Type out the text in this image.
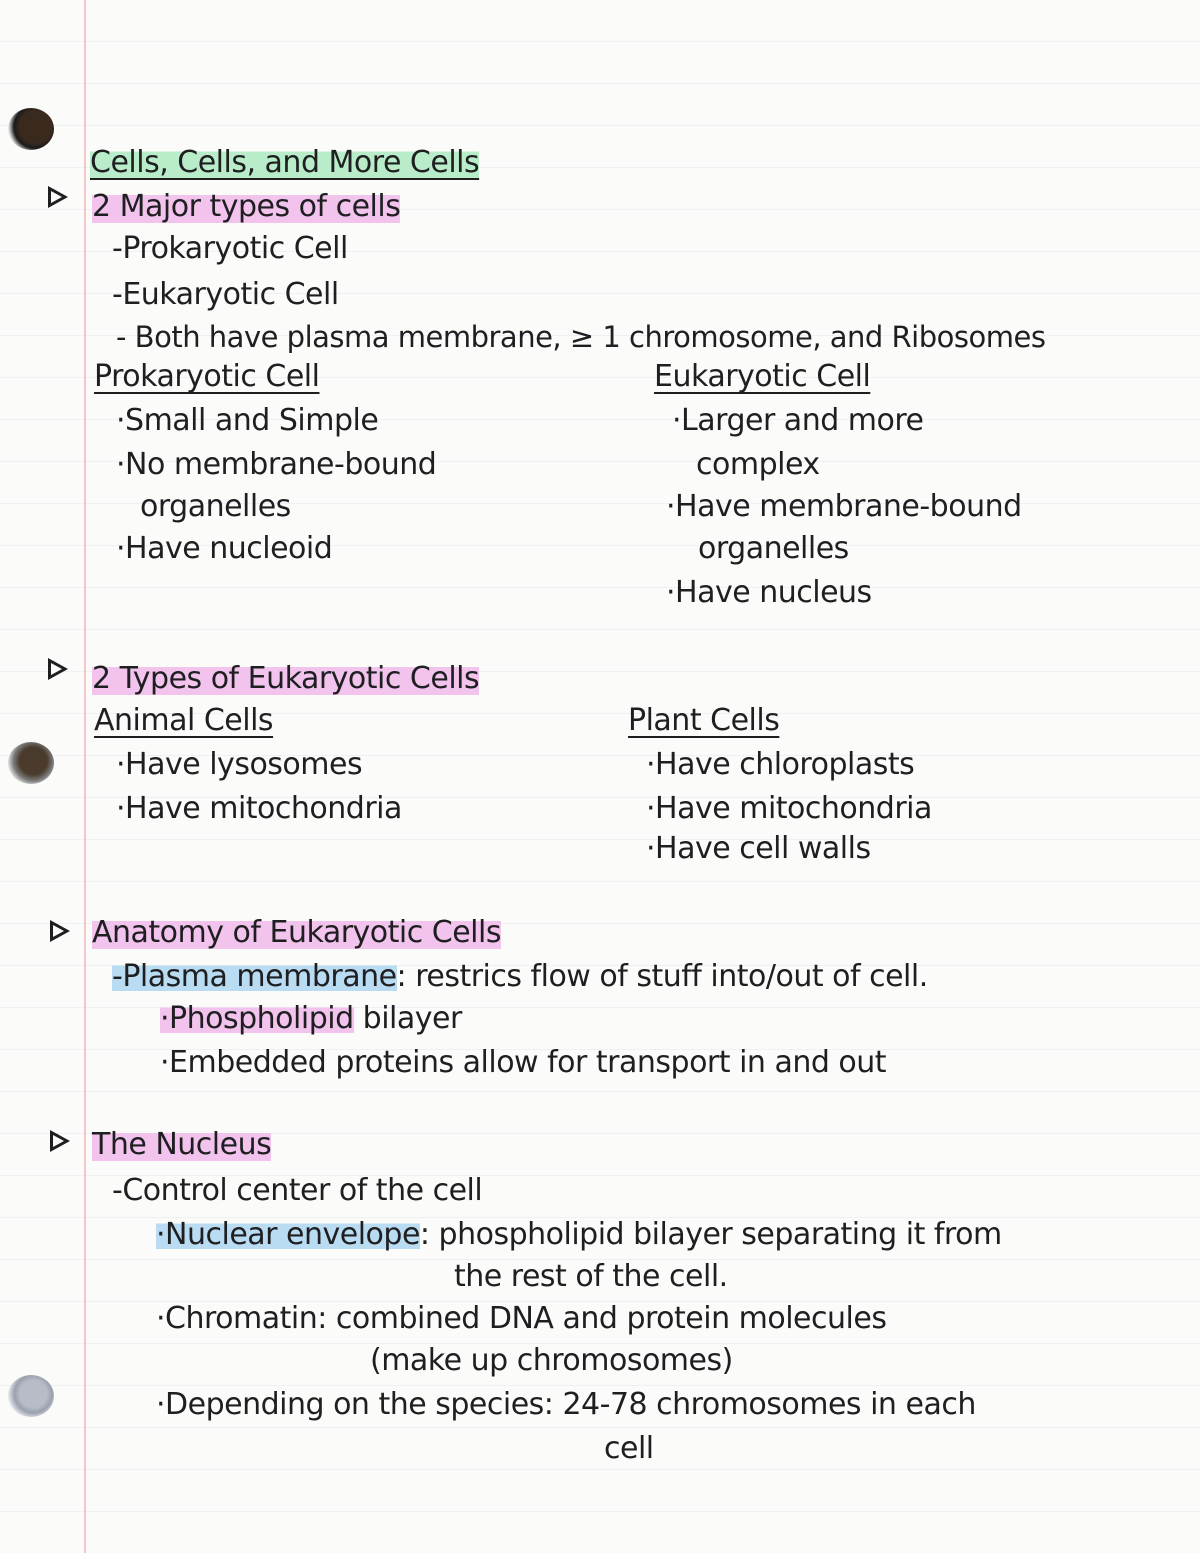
Cells, Cells, and More Cells
2 Major types of cells
-Prokaryotic Cell
-Eukaryotic Cell
- Both have plasma membrane, ≥ 1 chromosome, and Ribosomes
Prokaryotic Cell
·Small and Simple
·No membrane-bound
organelles
·Have nucleoid
Eukaryotic Cell
·Larger and more
complex
·Have membrane-bound
organelles
·Have nucleus
2 Types of Eukaryotic Cells
Animal Cells
·Have lysosomes
·Have mitochondria
Plant Cells
·Have chloroplasts
·Have mitochondria
·Have cell walls
Anatomy of Eukaryotic Cells
-Plasma membrane: restrics flow of stuff into/out of cell.
·Phospholipid bilayer
·Embedded proteins allow for transport in and out
The Nucleus
-Control center of the cell
·Nuclear envelope: phospholipid bilayer separating it from
the rest of the cell.
·Chromatin: combined DNA and protein molecules
(make up chromosomes)
·Depending on the species: 24-78 chromosomes in each
cell
